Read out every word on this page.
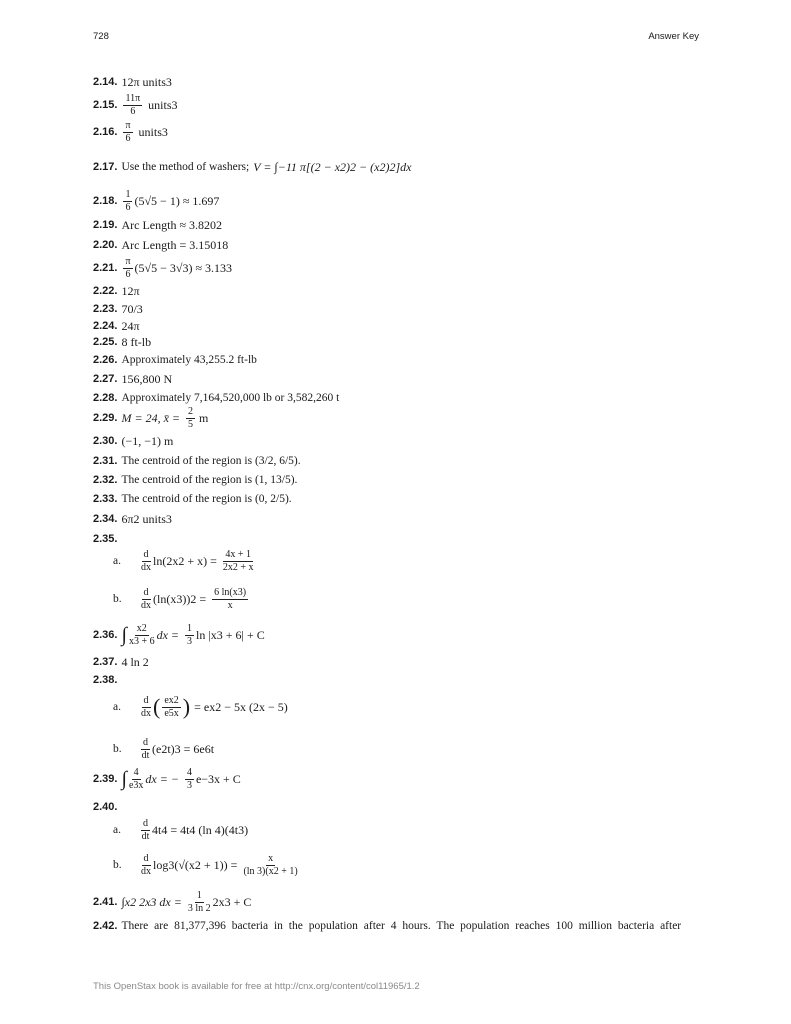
728	Answer Key
2.14. 12π units3
2.15. $\frac{11\pi}{6}$ units3
2.16. $\frac{\pi}{6}$ units3
2.17. Use the method of washers; V = ∫−11 π[(2 − x2)2 − (x2)2]dx
2.18. $\frac{1}{6} (5√5 - 1) \approx 1.697$
2.19. Arc Length ≈ 3.8202
2.20. Arc Length = 3.15018
2.21. $\frac{\pi}{6} (5√5 - 3√3) \approx 3.133$
2.22. 12π
2.23. 70/3
2.24. 24π
2.25. 8 ft-lb
2.26. Approximately 43,255.2 ft-lb
2.27. 156,800 N
2.28. Approximately 7,164,520,000 lb or 3,582,260 t
2.29. M = 24, x̄ = $\frac{2}{5}$ m
2.30. (−1, −1) m
2.31. The centroid of the region is (3/2, 6/5).
2.32. The centroid of the region is (1, 13/5).
2.33. The centroid of the region is (0, 2/5).
2.34. 6π2 units3
2.35.
a.	$\frac{d}{dx} \ln(2x2 + x) = \frac{4x + 1}{2x2 + x}$
b.	$\frac{d}{dx} (\ln(x3))2 = \frac{6 \ln(x3)}{x}$
2.36. ∫ $\frac{x2}{x3 + 6}$ dx = $\frac{1}{3}$ ln |x3 + 6| + C
2.37. 4 ln 2
2.38.
a.	$\frac{d}{dx}$ ( $\frac{ex2}{e5x}$ ) = ex2 − 5x (2x − 5)
b.	$\frac{d}{dt} (e2t)3 = 6e6t$
2.39. ∫ $\frac{4}{e3x}$ dx = − $\frac{4}{3} e-3x + C$
2.40.
a.	$\frac{d}{dt} 4t4 = 4t4$ (ln 4)(4t3)
b.	$\frac{d}{dx} \log 3(√(x2 + 1)) = \frac{x}{(\ln 3)(x2 + 1)}$
2.41. ∫x2 2x3 dx = $\frac{1}{3 \ln 2} 2x3 + C$
2.42. There are 81,377,396 bacteria in the population after 4 hours. The population reaches 100 million bacteria after
This OpenStax book is available for free at http://cnx.org/content/col11965/1.2
